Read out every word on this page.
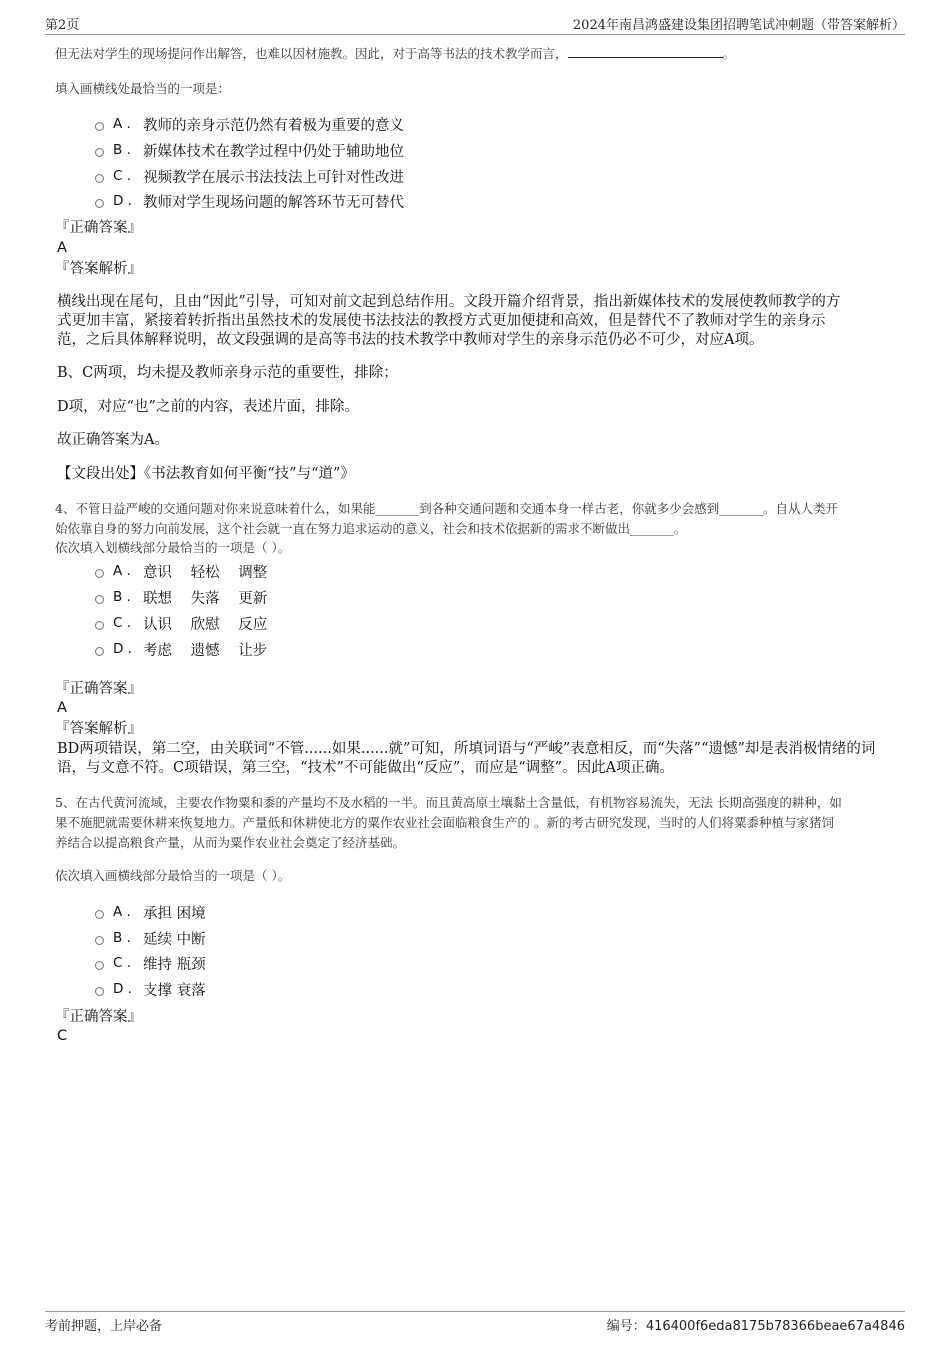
第2页	2024年南昌鸿盛建设集团招聘笔试冲刺题（带答案解析）
但无法对学生的现场提问作出解答，也难以因材施教。因此，对于高等书法的技术教学而言，	。
填入画横线处最恰当的一项是：
A . 教师的亲身示范仍然有着极为重要的意义
B . 新媒体技术在教学过程中仍处于辅助地位
C . 视频教学在展示书法技法上可针对性改进
D . 教师对学生现场问题的解答环节无可替代
『正确答案』
A
『答案解析』
横线出现在尾句，且由“因此”引导，可知对前文起到总结作用。文段开篇介绍背景，指出新媒体技术的发展使教师教学的方
式更加丰富，紧接着转折指出虽然技术的发展使书法技法的教授方式更加便捷和高效，但是替代不了教师对学生的亲身示
范，之后具体解释说明，故文段强调的是高等书法的技术教学中教师对学生的亲身示范仍必不可少，对应A项。
B、C两项，均未提及教师亲身示范的重要性，排除；
D项，对应“也”之前的内容，表述片面，排除。
故正确答案为A。
【文段出处】《书法教育如何平衡“技”与“道”》
4、不管日益严峻的交通问题对你来说意味着什么，如果能_______到各种交通问题和交通本身一样古老，你就多少会感到_______。自从人类开
始依靠自身的努力向前发展，这个社会就一直在努力追求运动的意义，社会和技术依据新的需求不断做出_______。
依次填入划横线部分最恰当的一项是（ ）。
A . 意识 轻松 调整
B . 联想 失落 更新
C . 认识 欣慰 反应
D . 考虑 遗憾 让步
『正确答案』
A
『答案解析』
BD两项错误，第二空，由关联词“不管......如果......就”可知，所填词语与“严峻”表意相反，而“失落”“遗憾”却是表消极情绪的词
语，与文意不符。C项错误，第三空，“技术”不可能做出“反应”，而应是“调整”。因此A项正确。
5、在古代黄河流域，主要农作物粟和黍的产量均不及水稻的一半。而且黄高原土壤黏土含量低，有机物容易流失，无法 长期高强度的耕种，如
果不施肥就需要休耕来恢复地力。产量低和休耕使北方的粟作农业社会面临粮食生产的 。新的考古研究发现，当时的人们将粟黍种植与家猪饲
养结合以提高粮食产量，从而为粟作农业社会奠定了经济基础。
依次填入画横线部分最恰当的一项是（ ）。
A . 承担 困境
B . 延续 中断
C . 维持 瓶颈
D . 支撑 衰落
『正确答案』
C
考前押题，上岸必备	编号：416400f6eda8175b78366beae67a4846
